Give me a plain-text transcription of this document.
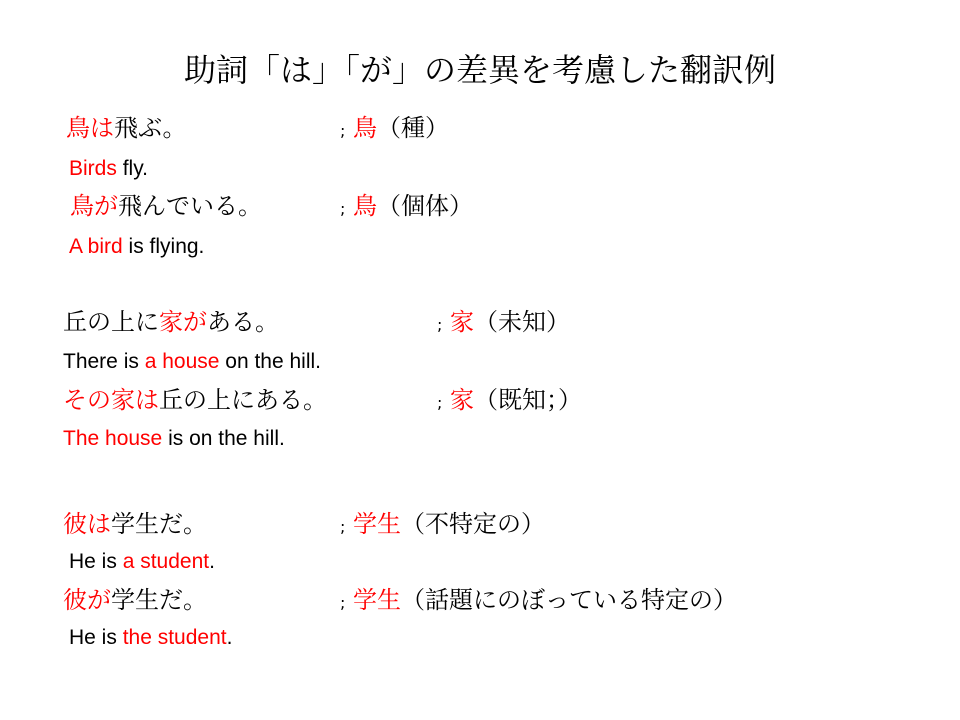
助詞「は」「が」の差異を考慮した翻訳例
鳥は飛ぶ。	; 鳥（種）
Birds fly.
鳥が飛んでいる。	; 鳥（個体）
A bird is flying.
丘の上に家がある。	; 家（未知）
There is a house on the hill.
その家は丘の上にある。	; 家（既知；）
The house is on the hill.
彼は学生だ。	; 学生（不特定の）
He is a student.
彼が学生だ。	; 学生（話題にのぼっている特定の）
He is the student.
